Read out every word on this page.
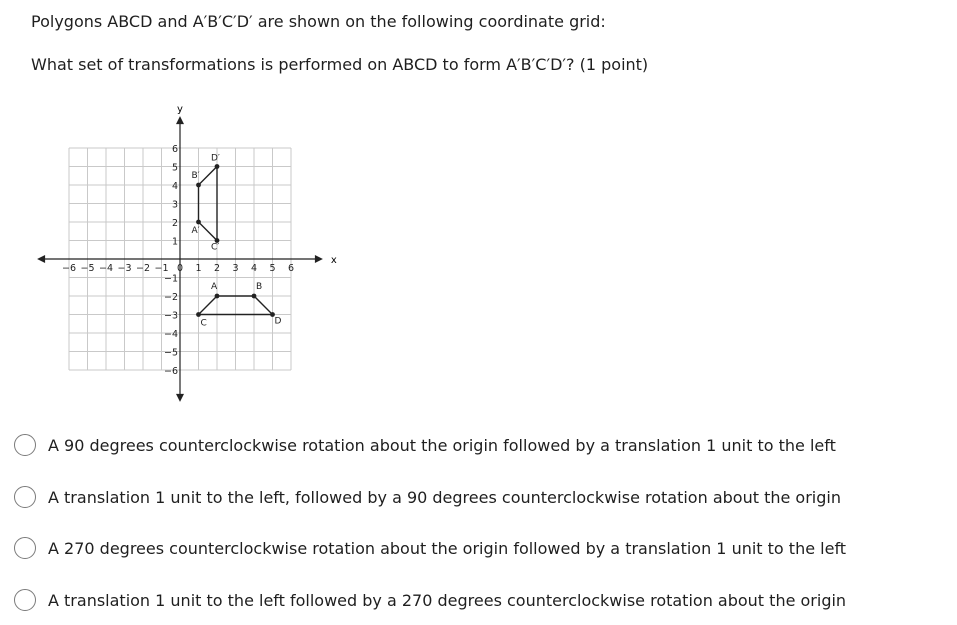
Polygons ABCD and A′B′C′D′ are shown on the following coordinate grid:
What set of transformations is performed on ABCD to form A′B′C′D′? (1 point)
−6 −5 −4 −3 −2 −1 0 1 2 3 4 5 6
1
2
3
4
5
6
−1
−2
−3
−4
−5
−6
A	B
D
C
A′
B′
D′
C′
x
y
A 90 degrees counterclockwise rotation about the origin followed by a translation 1 unit to the left
A translation 1 unit to the left, followed by a 90 degrees counterclockwise rotation about the origin
A 270 degrees counterclockwise rotation about the origin followed by a translation 1 unit to the left
A translation 1 unit to the left followed by a 270 degrees counterclockwise rotation about the origin
